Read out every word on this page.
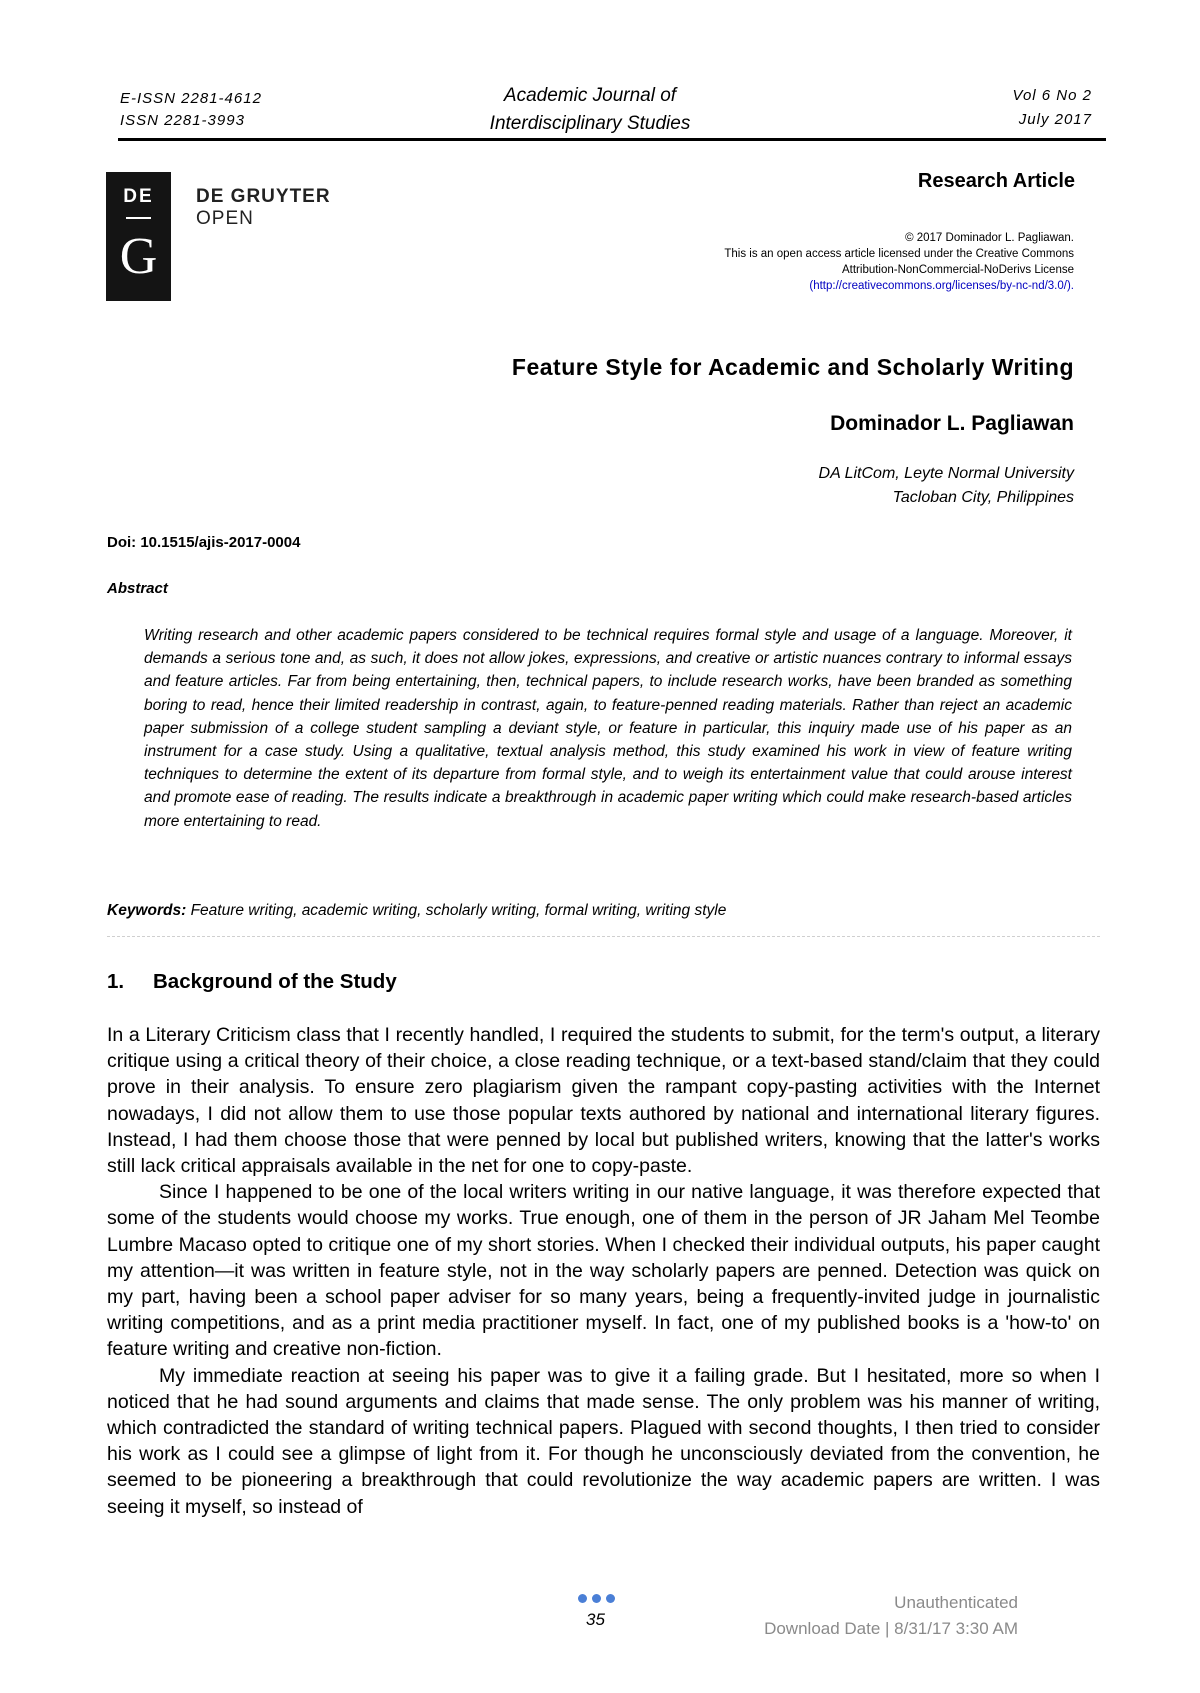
E-ISSN 2281-4612
ISSN 2281-3993
Academic Journal of
Interdisciplinary Studies
Vol 6 No 2
July 2017
DE
G
DE GRUYTER
OPEN
Research Article
© 2017 Dominador L. Pagliawan.
This is an open access article licensed under the Creative Commons
Attribution-NonCommercial-NoDerivs License
(http://creativecommons.org/licenses/by-nc-nd/3.0/).
Feature Style for Academic and Scholarly Writing
Dominador L. Pagliawan
DA LitCom, Leyte Normal University
Tacloban City, Philippines
Doi: 10.1515/ajis-2017-0004
Abstract
Writing research and other academic papers considered to be technical requires formal style and usage of a language. Moreover, it demands a serious tone and, as such, it does not allow jokes, expressions, and creative or artistic nuances contrary to informal essays and feature articles. Far from being entertaining, then, technical papers, to include research works, have been branded as something boring to read, hence their limited readership in contrast, again, to feature-penned reading materials. Rather than reject an academic paper submission of a college student sampling a deviant style, or feature in particular, this inquiry made use of his paper as an instrument for a case study. Using a qualitative, textual analysis method, this study examined his work in view of feature writing techniques to determine the extent of its departure from formal style, and to weigh its entertainment value that could arouse interest and promote ease of reading. The results indicate a breakthrough in academic paper writing which could make research-based articles more entertaining to read.
Keywords: Feature writing, academic writing, scholarly writing, formal writing, writing style
1. Background of the Study

In a Literary Criticism class that I recently handled, I required the students to submit, for the term's output, a literary critique using a critical theory of their choice, a close reading technique, or a text-based stand/claim that they could prove in their analysis. To ensure zero plagiarism given the rampant copy-pasting activities with the Internet nowadays, I did not allow them to use those popular texts authored by national and international literary figures. Instead, I had them choose those that were penned by local but published writers, knowing that the latter's works still lack critical appraisals available in the net for one to copy-paste.

Since I happened to be one of the local writers writing in our native language, it was therefore expected that some of the students would choose my works. True enough, one of them in the person of JR Jaham Mel Teombe Lumbre Macaso opted to critique one of my short stories. When I checked their individual outputs, his paper caught my attention—it was written in feature style, not in the way scholarly papers are penned. Detection was quick on my part, having been a school paper adviser for so many years, being a frequently-invited judge in journalistic writing competitions, and as a print media practitioner myself. In fact, one of my published books is a 'how-to' on feature writing and creative non-fiction.

My immediate reaction at seeing his paper was to give it a failing grade. But I hesitated, more so when I noticed that he had sound arguments and claims that made sense. The only problem was his manner of writing, which contradicted the standard of writing technical papers. Plagued with second thoughts, I then tried to consider his work as I could see a glimpse of light from it. For though he unconsciously deviated from the convention, he seemed to be pioneering a breakthrough that could revolutionize the way academic papers are written. I was seeing it myself, so instead of

35
Unauthenticated
Download Date | 8/31/17 3:30 AM
